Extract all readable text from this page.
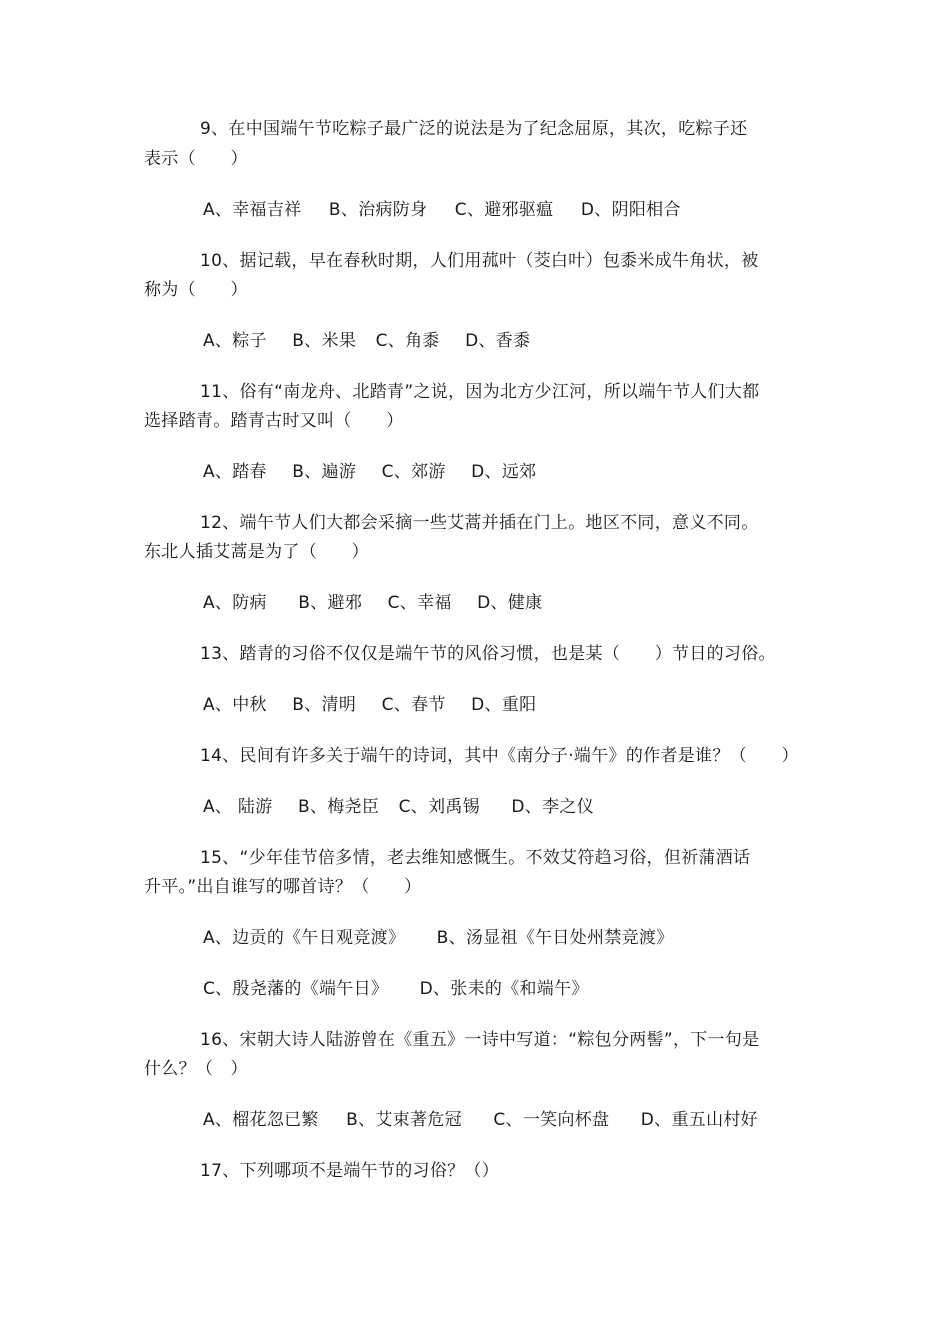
9、在中国端午节吃粽子最广泛的说法是为了纪念屈原，其次，吃粽子还
表示（　　）
A、幸福吉祥 B、治病防身 C、避邪驱瘟 D、阴阳相合
10、据记载，早在春秋时期，人们用菰叶（茭白叶）包黍米成牛角状，被
称为（　　）
A、粽子 B、米果 C、角黍 D、香黍
11、俗有“南龙舟、北踏青”之说，因为北方少江河，所以端午节人们大都
选择踏青。踏青古时又叫（　　）
A、踏春 B、遍游 C、郊游 D、远郊
12、端午节人们大都会采摘一些艾蒿并插在门上。地区不同，意义不同。
东北人插艾蒿是为了（　　）
A、防病 B、避邪 C、幸福 D、健康
13、踏青的习俗不仅仅是端午节的风俗习惯，也是某（　　）节日的习俗。
A、中秋 B、清明 C、春节 D、重阳
14、民间有许多关于端午的诗词，其中《南分子·端午》的作者是谁？（　　）
A、 陆游 B、梅尧臣 C、刘禹锡 D、李之仪
15、“少年佳节倍多情，老去维知感慨生。不效艾符趋习俗，但祈蒲酒话
升平。”出自谁写的哪首诗？（　　）
A、边贡的《午日观竞渡》 B、汤显祖《午日处州禁竞渡》
C、殷尧藩的《端午日》 D、张耒的《和端午》
16、宋朝大诗人陆游曾在《重五》一诗中写道：“粽包分两髻”，下一句是
什么？（　）
A、榴花忽已繁 B、艾束著危冠 C、一笑向杯盘 D、重五山村好
17、下列哪项不是端午节的习俗？（）
